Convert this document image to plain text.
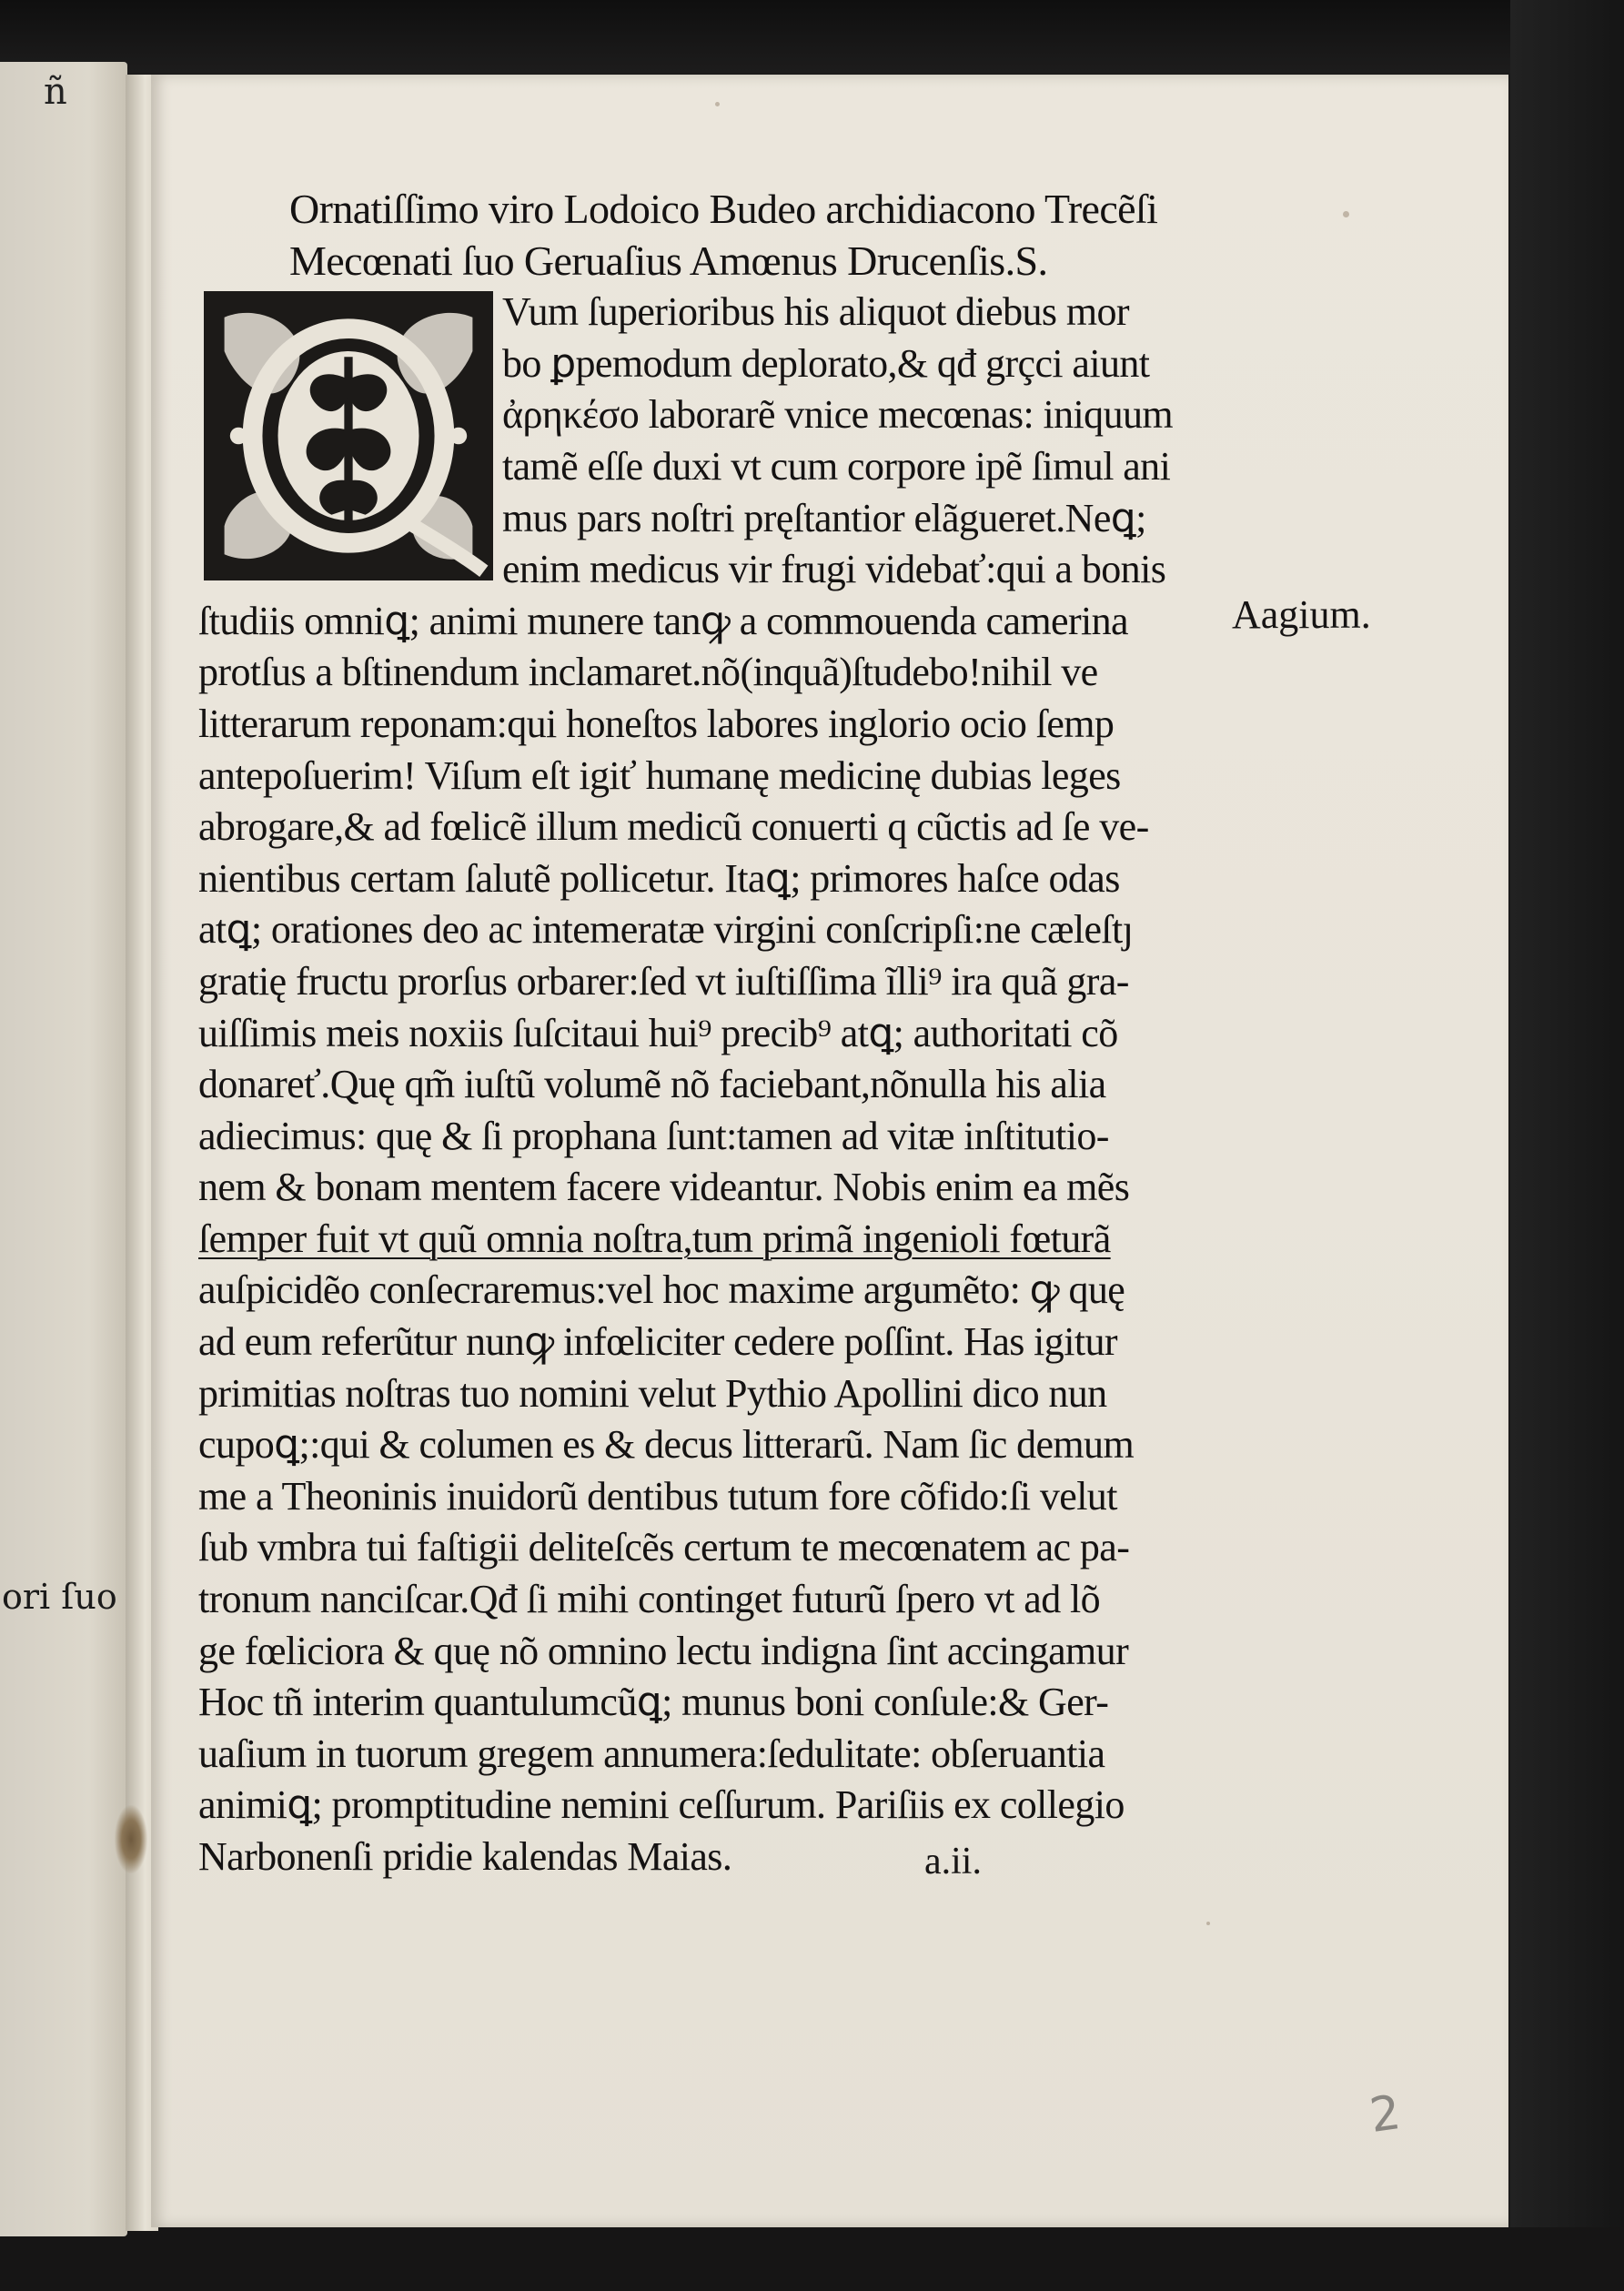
ñ
ori ſuo
Ornatiſſimo viro Lodoico Budeo archidiacono Trecẽſi
Mecœnati ſuo Geruaſius Amœnus Drucenſis.S.
Vum ſuperioribus his aliquot diebus mor
bo ꝑpemodum deplorato,& qđ grçci aiunt
ἀρηκέσο laborarẽ vnice mecœnas: iniquum
tamẽ eſſe duxi vt cum corpore ipẽ ſimul ani
mus pars noſtri pręſtantior elãgueret.Neꝗ;
enim medicus vir frugi videbať:qui a bonis
ſtudiis omniꝗ; animi munere tanꝙ a commouenda camerina
protſus a bſtinendum inclamaret.nõ(inquã)ſtudebo!nihil ve
litterarum reponam:qui honeſtos labores inglorio ocio ſemp
antepoſuerim! Viſum eſt igiť humanę medicinę dubias leges
abrogare,& ad fœlicẽ illum medicũ conuerti q cũctis ad ſe ve-
nientibus certam ſalutẽ pollicetur. Itaꝗ; primores haſce odas
atꝗ; orationes deo ac intemeratæ virgini conſcripſi:ne cæleſtȷ
gratię fructu prorſus orbarer:ſed vt iuſtiſſima ĩlli⁹ ira quã gra-
uiſſimis meis noxiis ſuſcitaui hui⁹ precib⁹ atꝗ; authoritati cõ
donareť.Quę qm̃ iuſtũ volumẽ nõ faciebant,nõnulla his alia
adiecimus: quę & ſi prophana ſunt:tamen ad vitæ inſtitutio-
nem & bonam mentem facere videantur. Nobis enim ea mẽs
ſemper fuit vt quũ omnia noſtra,tum primã ingenioli fœturã
auſpicidẽo conſecraremus:vel hoc maxime argumẽto: ꝙ quę
ad eum referũtur nunꝙ infœliciter cedere poſſint. Has igitur
primitias noſtras tuo nomini velut Pythio Apollini dico nun
cupoꝗ;:qui & columen es & decus litterarũ. Nam ſic demum
me a Theoninis inuidorũ dentibus tutum fore cõfido:ſi velut
ſub vmbra tui faſtigii deliteſcẽs certum te mecœnatem ac pa-
tronum nanciſcar.Qđ ſi mihi continget futurũ ſpero vt ad lõ
ge fœliciora & quę nõ omnino lectu indigna ſint accingamur
Hoc tñ interim quantulumcũꝗ; munus boni conſule:& Ger-
uaſium in tuorum gregem annumera:ſedulitate: obſeruantia
animiꝗ; promptitudine nemini ceſſurum. Pariſiis ex collegio
Narbonenſi pridie kalendas Maias.
Aagium.
a.ii.
2
